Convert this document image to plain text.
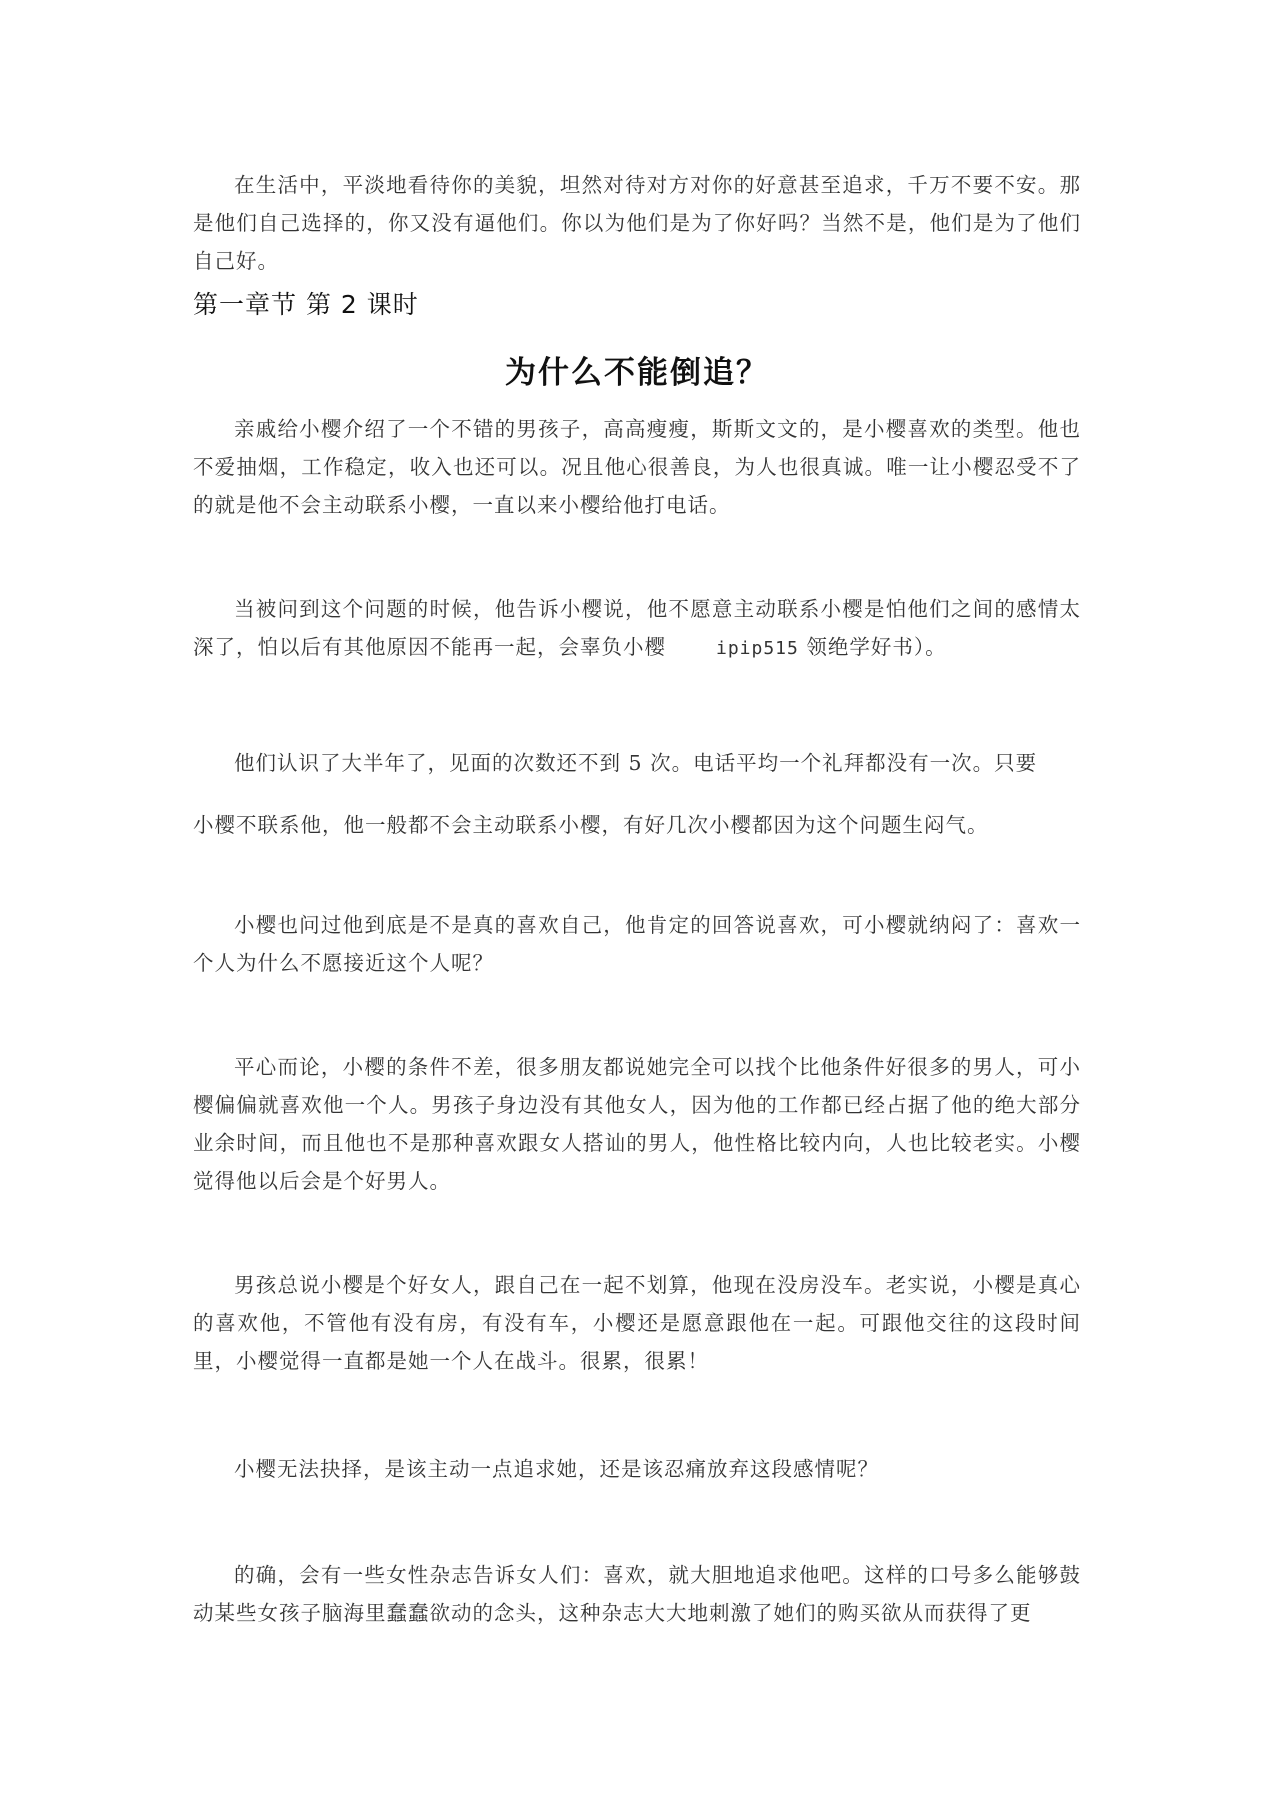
在生活中，平淡地看待你的美貌，坦然对待对方对你的好意甚至追求，千万不要不安。那是他们自己选择的，你又没有逼他们。你以为他们是为了你好吗？当然不是，他们是为了他们自己好。

第一章节 第 2 课时

为什么不能倒追？

亲戚给小樱介绍了一个不错的男孩子，高高瘦瘦，斯斯文文的，是小樱喜欢的类型。他也不爱抽烟，工作稳定，收入也还可以。况且他心很善良，为人也很真诚。唯一让小樱忍受不了的就是他不会主动联系小樱，一直以来小樱给他打电话。

当被问到这个问题的时候，他告诉小樱说，他不愿意主动联系小樱是怕他们之间的感情太深了，怕以后有其他原因不能再一起，会辜负小樱	ipip515 领绝学好书）。

他们认识了大半年了，见面的次数还不到 5 次。电话平均一个礼拜都没有一次。只要

小樱不联系他，他一般都不会主动联系小樱，有好几次小樱都因为这个问题生闷气。

小樱也问过他到底是不是真的喜欢自己，他肯定的回答说喜欢，可小樱就纳闷了：喜欢一个人为什么不愿接近这个人呢？

平心而论，小樱的条件不差，很多朋友都说她完全可以找个比他条件好很多的男人，可小樱偏偏就喜欢他一个人。男孩子身边没有其他女人，因为他的工作都已经占据了他的绝大部分业余时间，而且他也不是那种喜欢跟女人搭讪的男人，他性格比较内向，人也比较老实。小樱觉得他以后会是个好男人。

男孩总说小樱是个好女人，跟自己在一起不划算，他现在没房没车。老实说，小樱是真心的喜欢他，不管他有没有房，有没有车，小樱还是愿意跟他在一起。可跟他交往的这段时间里，小樱觉得一直都是她一个人在战斗。很累，很累！

小樱无法抉择，是该主动一点追求她，还是该忍痛放弃这段感情呢？

的确，会有一些女性杂志告诉女人们：喜欢，就大胆地追求他吧。这样的口号多么能够鼓动某些女孩子脑海里蠢蠢欲动的念头，这种杂志大大地刺激了她们的购买欲从而获得了更
